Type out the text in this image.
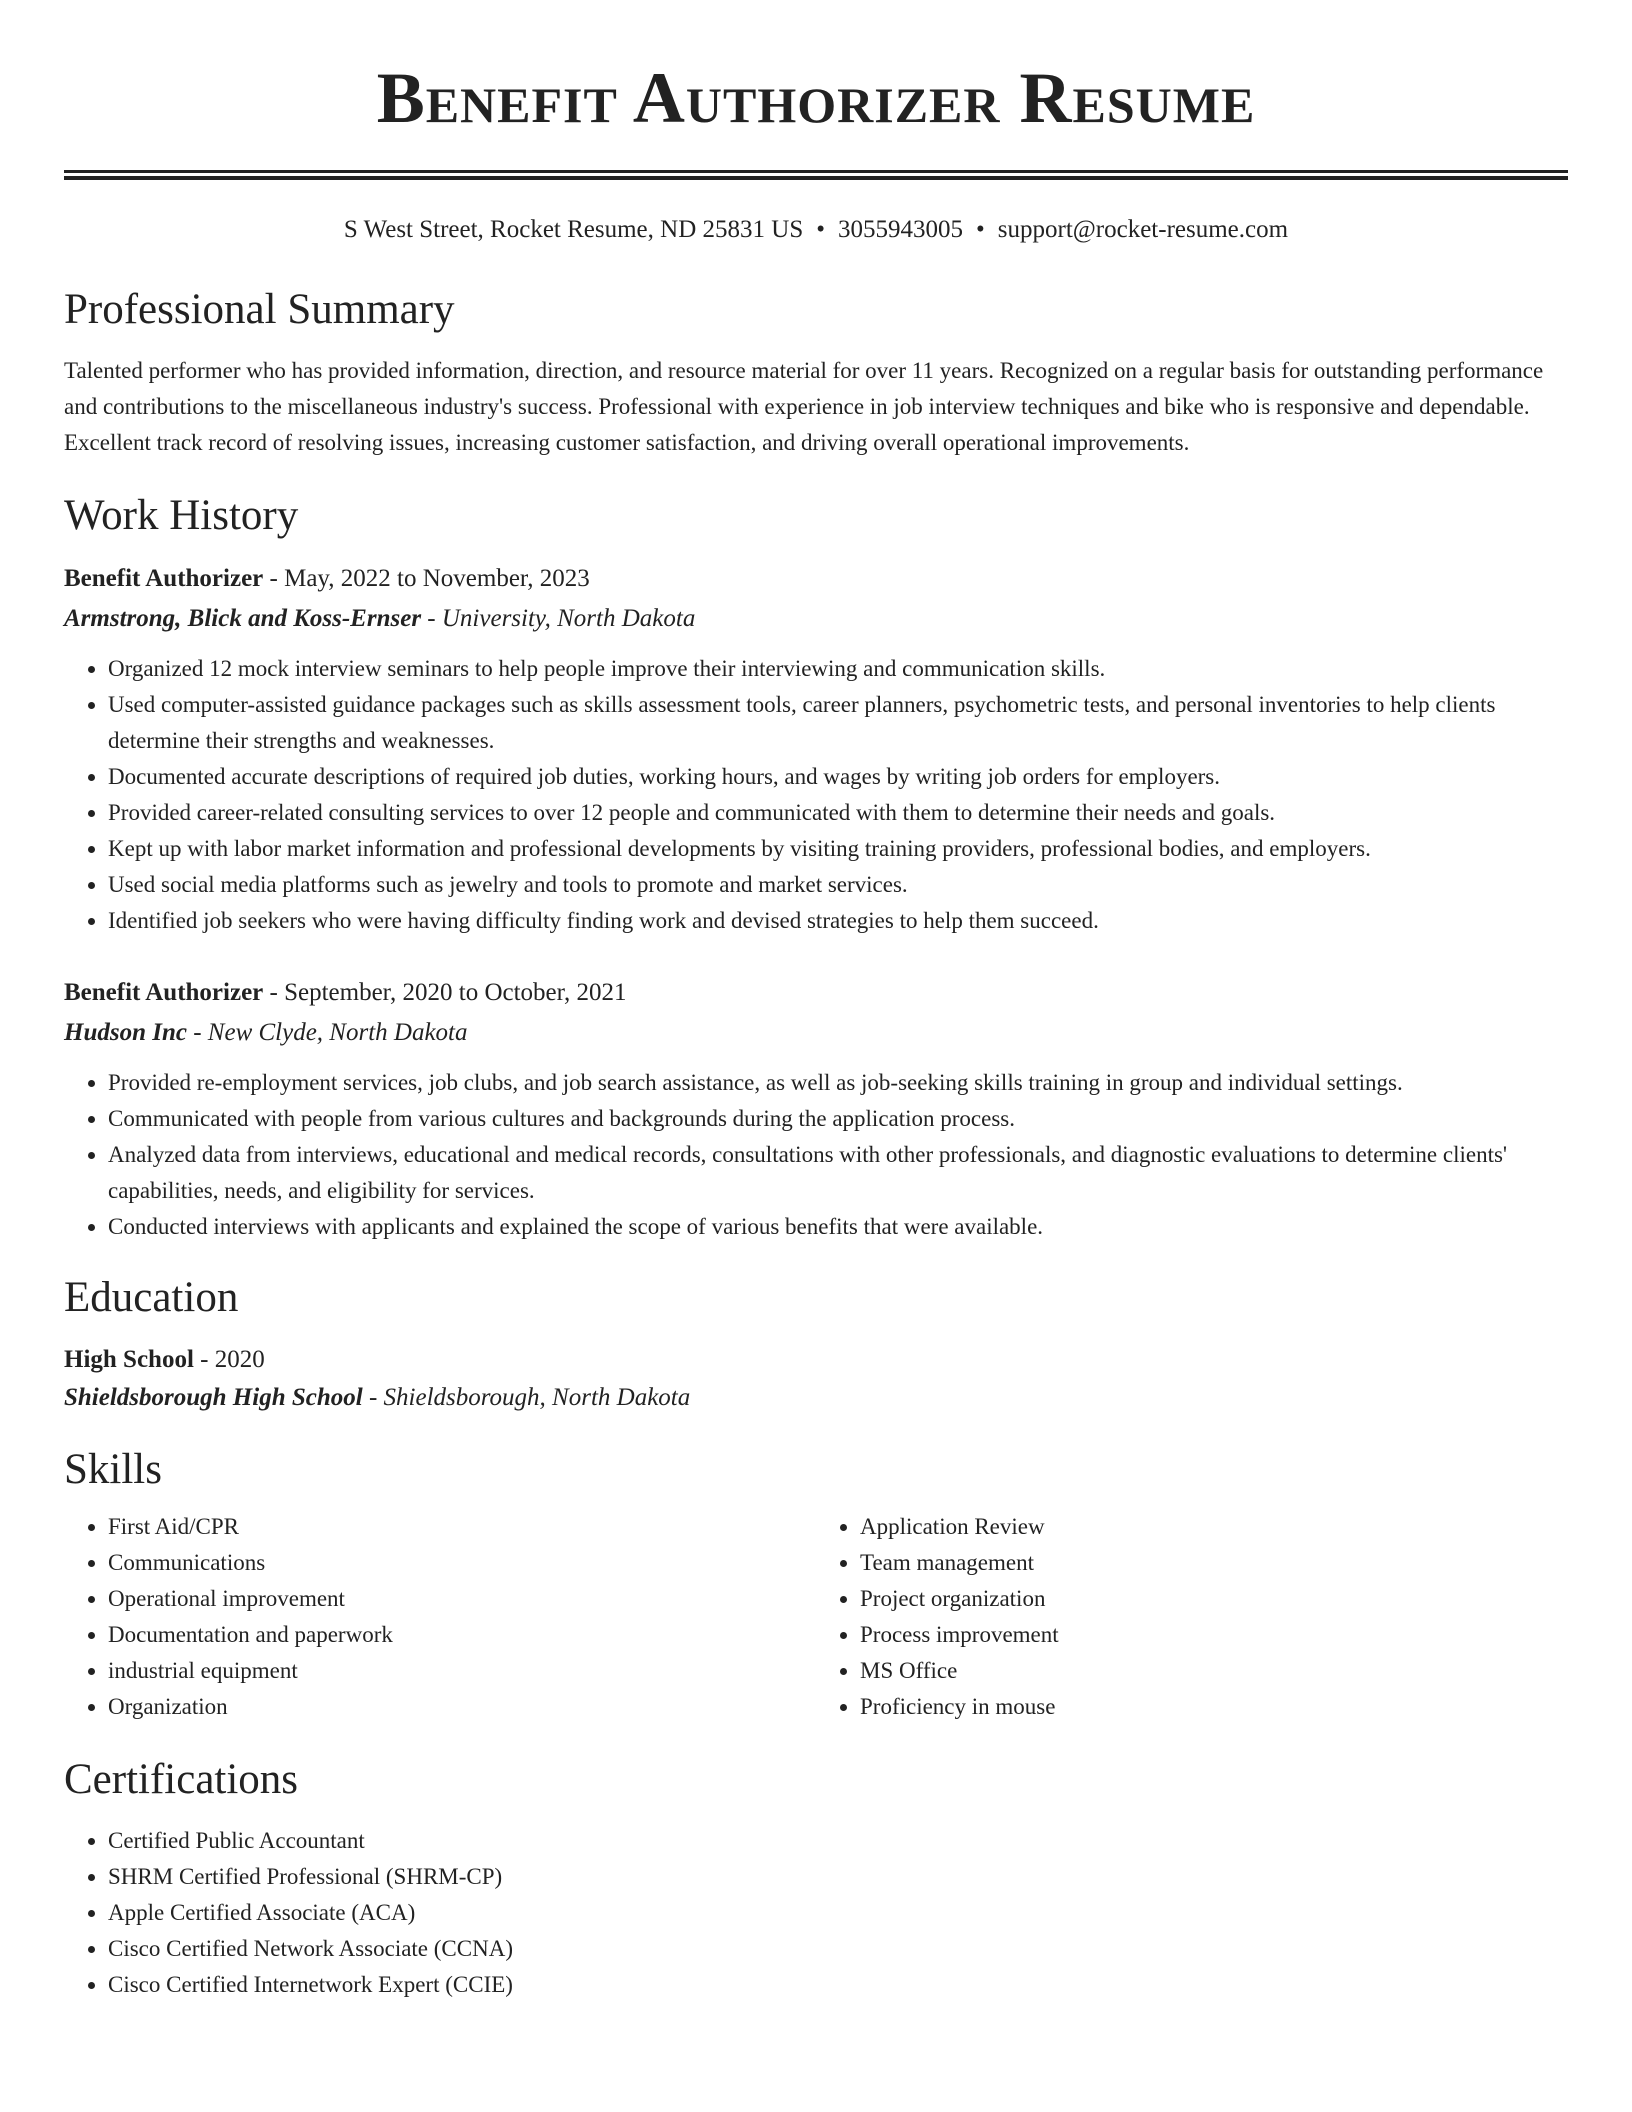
Benefit Authorizer Resume
S West Street, Rocket Resume, ND 25831 US • 3055943005 • support@rocket-resume.com
Professional Summary

Talented performer who has provided information, direction, and resource material for over 11 years. Recognized on a regular basis for outstanding performance and contributions to the miscellaneous industry's success. Professional with experience in job interview techniques and bike who is responsive and dependable. Excellent track record of resolving issues, increasing customer satisfaction, and driving overall operational improvements.

Work History
Benefit Authorizer - May, 2022 to November, 2023
Armstrong, Blick and Koss-Ernser - University, North Dakota
• Organized 12 mock interview seminars to help people improve their interviewing and communication skills.
• Used computer-assisted guidance packages such as skills assessment tools, career planners, psychometric tests, and personal inventories to help clients determine their strengths and weaknesses.
• Documented accurate descriptions of required job duties, working hours, and wages by writing job orders for employers.
• Provided career-related consulting services to over 12 people and communicated with them to determine their needs and goals.
• Kept up with labor market information and professional developments by visiting training providers, professional bodies, and employers.
• Used social media platforms such as jewelry and tools to promote and market services.
• Identified job seekers who were having difficulty finding work and devised strategies to help them succeed.
Benefit Authorizer - September, 2020 to October, 2021
Hudson Inc - New Clyde, North Dakota
• Provided re-employment services, job clubs, and job search assistance, as well as job-seeking skills training in group and individual settings.
• Communicated with people from various cultures and backgrounds during the application process.
• Analyzed data from interviews, educational and medical records, consultations with other professionals, and diagnostic evaluations to determine clients' capabilities, needs, and eligibility for services.
• Conducted interviews with applicants and explained the scope of various benefits that were available.
Education
High School - 2020
Shieldsborough High School - Shieldsborough, North Dakota
Skills
• First Aid/CPR
• Communications
• Operational improvement
• Documentation and paperwork
• industrial equipment
• Organization
• Application Review
• Team management
• Project organization
• Process improvement
• MS Office
• Proficiency in mouse
Certifications
• Certified Public Accountant
• SHRM Certified Professional (SHRM-CP)
• Apple Certified Associate (ACA)
• Cisco Certified Network Associate (CCNA)
• Cisco Certified Internetwork Expert (CCIE)
